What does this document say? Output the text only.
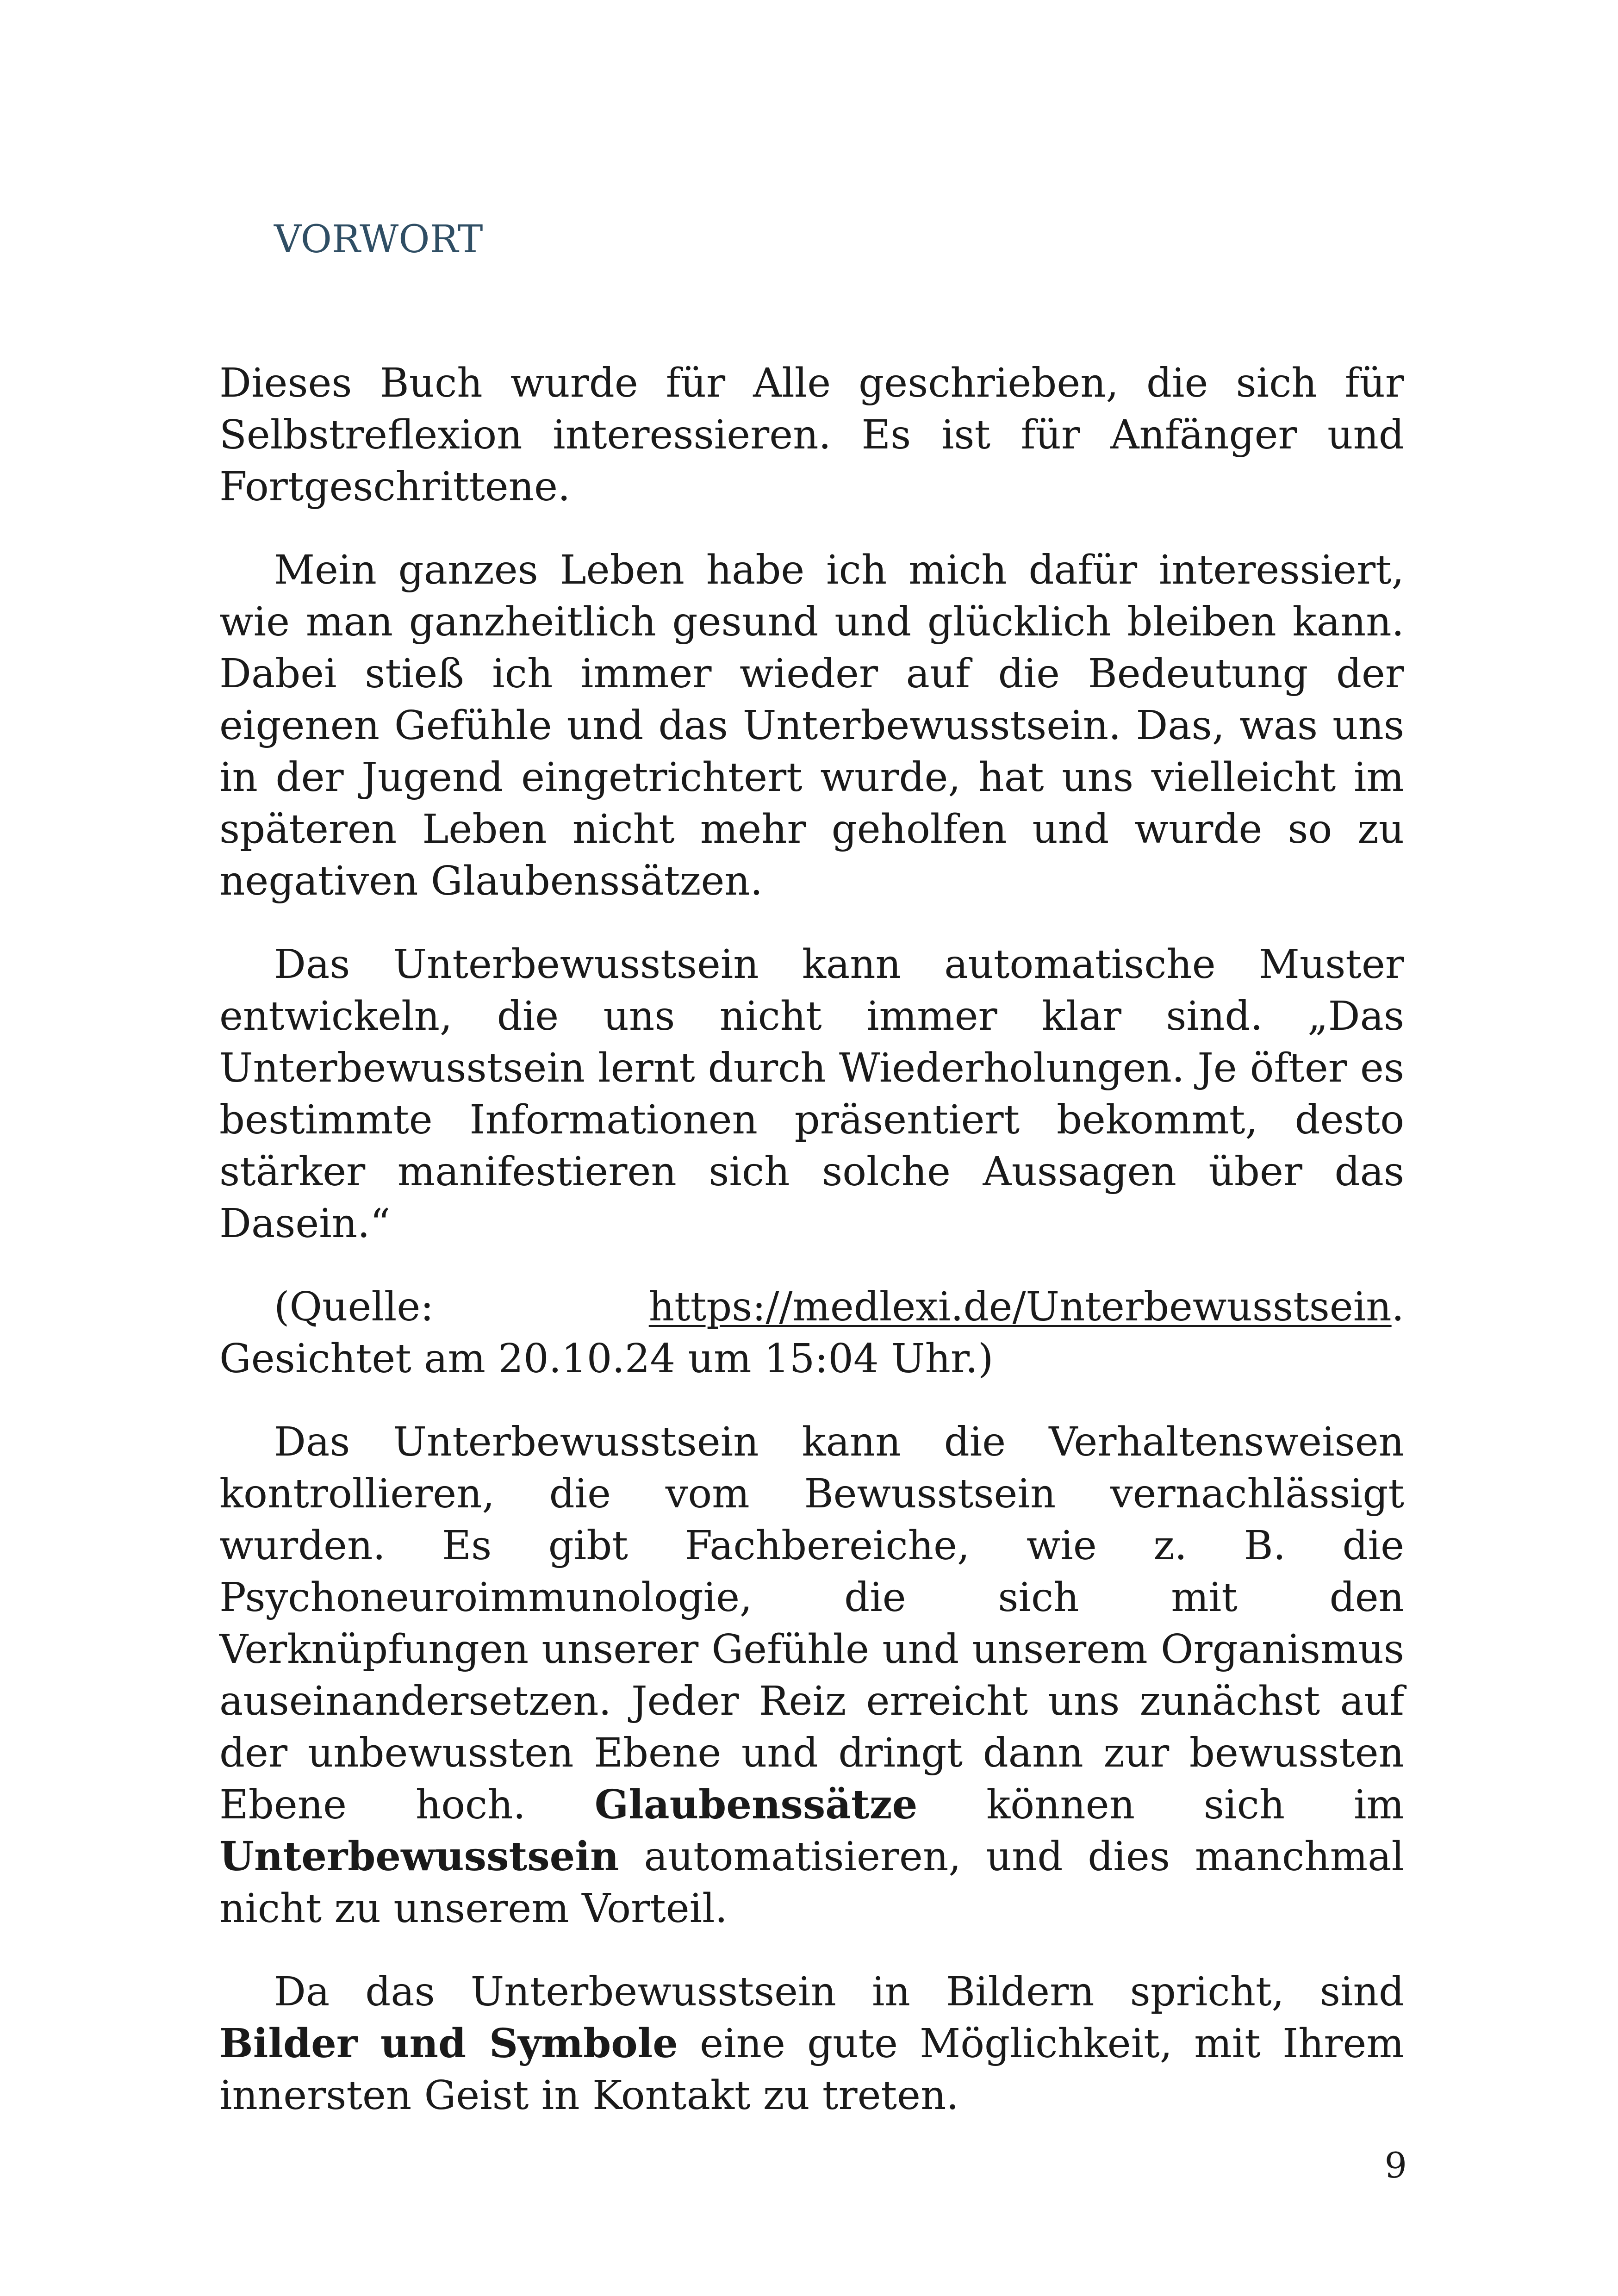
VORWORT

Dieses Buch wurde für Alle geschrieben, die sich für Selbstreflexion interessieren. Es ist für Anfänger und Fortgeschrittene.

Mein ganzes Leben habe ich mich dafür interessiert, wie man ganzheitlich gesund und glücklich bleiben kann. Dabei stieß ich immer wieder auf die Bedeutung der eigenen Gefühle und das Unterbewusstsein. Das, was uns in der Jugend eingetrichtert wurde, hat uns vielleicht im späteren Leben nicht mehr geholfen und wurde so zu negativen Glaubenssätzen.

Das Unterbewusstsein kann automatische Muster entwickeln, die uns nicht immer klar sind. „Das Unterbewusstsein lernt durch Wiederholungen. Je öfter es bestimmte Informationen präsentiert bekommt, desto stärker manifestieren sich solche Aussagen über das Dasein.“

(Quelle: https://medlexi.de/Unterbewusstsein. Gesichtet am 20.10.24 um 15:04 Uhr.)

Das Unterbewusstsein kann die Verhaltensweisen kontrollieren, die vom Bewusstsein vernachlässigt wurden. Es gibt Fachbereiche, wie z. B. die Psychoneuroimmunologie, die sich mit den Verknüpfungen unserer Gefühle und unserem Organismus auseinandersetzen. Jeder Reiz erreicht uns zunächst auf der unbewussten Ebene und dringt dann zur bewussten Ebene hoch. Glaubenssätze können sich im Unterbewusstsein automatisieren, und dies manchmal nicht zu unserem Vorteil.

Da das Unterbewusstsein in Bildern spricht, sind Bilder und Symbole eine gute Möglichkeit, mit Ihrem innersten Geist in Kontakt zu treten.

9
